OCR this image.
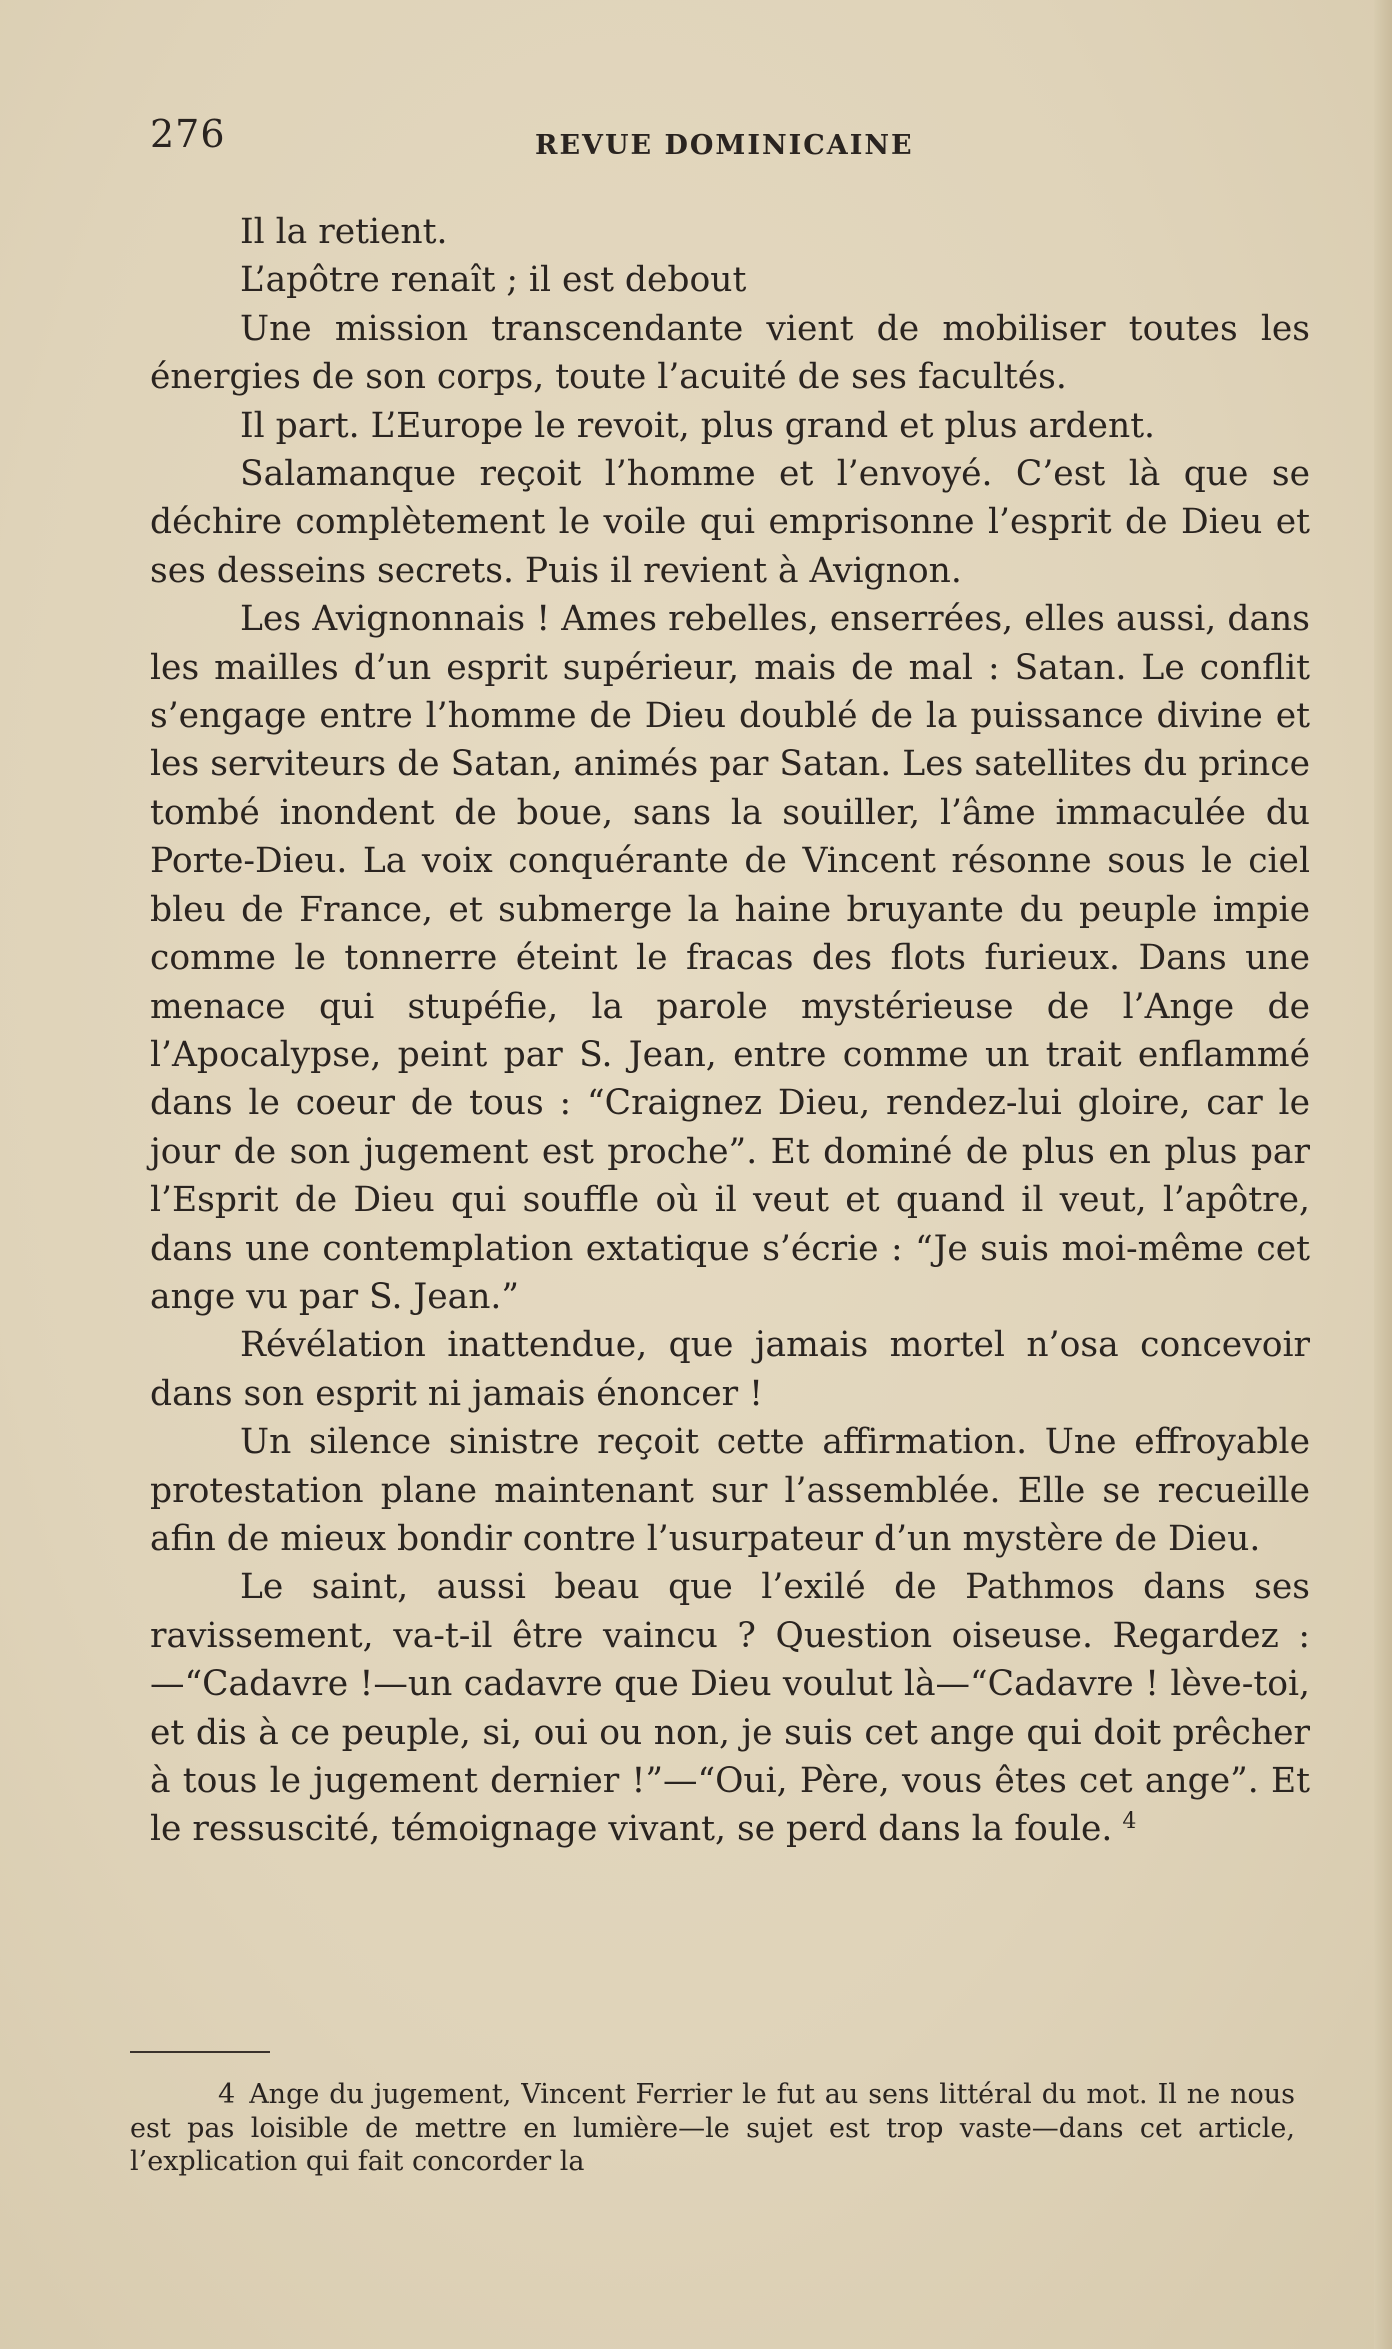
276	REVUE DOMINICAINE

Il la retient.

L’apôtre renaît ; il est debout

Une mission transcendante vient de mobiliser toutes les énergies de son corps, toute l’acuité de ses facultés.

Il part. L’Europe le revoit, plus grand et plus ardent.

Salamanque reçoit l’homme et l’envoyé. C’est là que se déchire complètement le voile qui emprisonne l’esprit de Dieu et ses desseins secrets. Puis il revient à Avignon.

Les Avignonnais ! Ames rebelles, enserrées, elles aussi, dans les mailles d’un esprit supérieur, mais de mal : Satan. Le conflit s’engage entre l’homme de Dieu doublé de la puissance divine et les serviteurs de Satan, animés par Satan. Les satellites du prince tombé inondent de boue, sans la souiller, l’âme immaculée du Porte-Dieu. La voix conquérante de Vincent résonne sous le ciel bleu de France, et submerge la haine bruyante du peuple impie comme le tonnerre éteint le fracas des flots furieux. Dans une menace qui stupéfie, la parole mystérieuse de l’Ange de l’Apocalypse, peint par S. Jean, entre comme un trait enflammé dans le coeur de tous : “Craignez Dieu, rendez-lui gloire, car le jour de son jugement est proche”. Et dominé de plus en plus par l’Esprit de Dieu qui souffle où il veut et quand il veut, l’apôtre, dans une contemplation extatique s’écrie : “Je suis moi-même cet ange vu par S. Jean.”

Révélation inattendue, que jamais mortel n’osa concevoir dans son esprit ni jamais énoncer !

Un silence sinistre reçoit cette affirmation. Une effroyable protestation plane maintenant sur l’assemblée. Elle se recueille afin de mieux bondir contre l’usurpateur d’un mystère de Dieu.

Le saint, aussi beau que l’exilé de Pathmos dans ses ravissement, va-t-il être vaincu ? Question oiseuse. Regardez :—“Cadavre !—un cadavre que Dieu voulut là—“Cadavre ! lève-toi, et dis à ce peuple, si, oui ou non, je suis cet ange qui doit prêcher à tous le jugement dernier !”—“Oui, Père, vous êtes cet ange”. Et le ressuscité, témoignage vivant, se perd dans la foule. $^4$

4 Ange du jugement, Vincent Ferrier le fut au sens littéral du mot. Il ne nous est pas loisible de mettre en lumière—le sujet est trop vaste—dans cet article, l’explication qui fait concorder la
